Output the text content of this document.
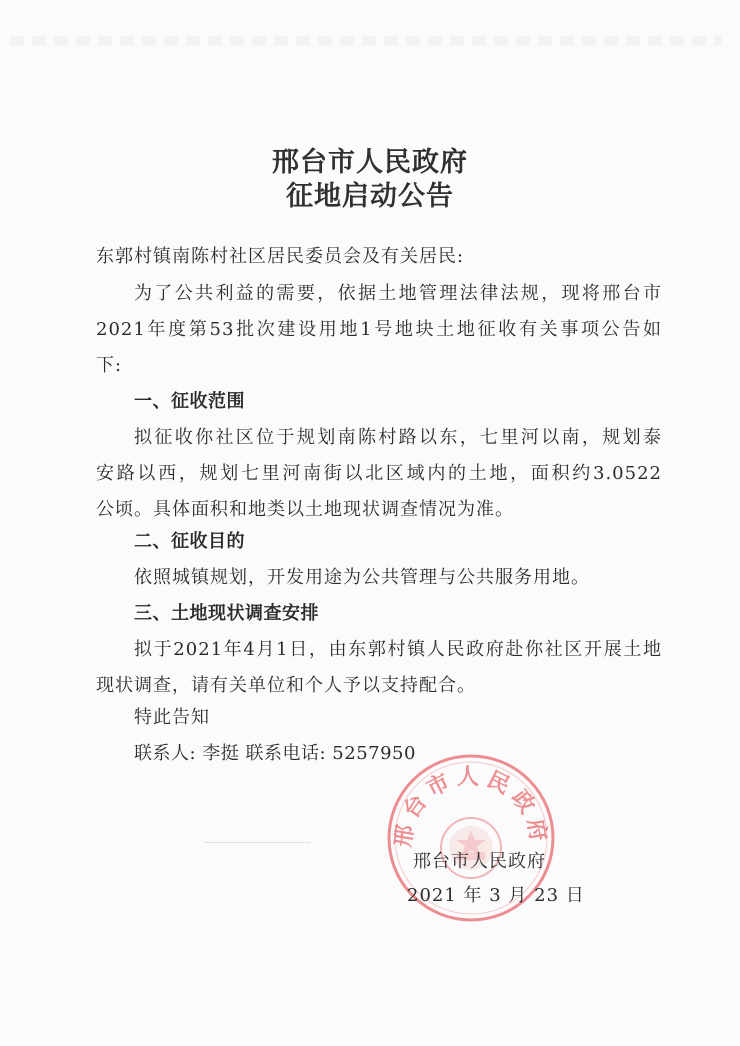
邢台市人民政府
征地启动公告
东郭村镇南陈村社区居民委员会及有关居民:
为了公共利益的需要，依据土地管理法律法规，现将邢台市
2021年度第53批次建设用地1号地块土地征收有关事项公告如
下:
一、征收范围
拟征收你社区位于规划南陈村路以东，七里河以南，规划泰
安路以西，规划七里河南街以北区域内的土地，面积约3.0522
公顷。具体面积和地类以土地现状调查情况为准。
二、征收目的
依照城镇规划，开发用途为公共管理与公共服务用地。
三、土地现状调查安排
拟于2021年4月1日，由东郭村镇人民政府赴你社区开展土地
现状调查，请有关单位和个人予以支持配合。
特此告知
联系人: 李挺 联系电话: 5257950
邢台市人民政府
邢台市人民政府
2021 年 3 月 23 日
